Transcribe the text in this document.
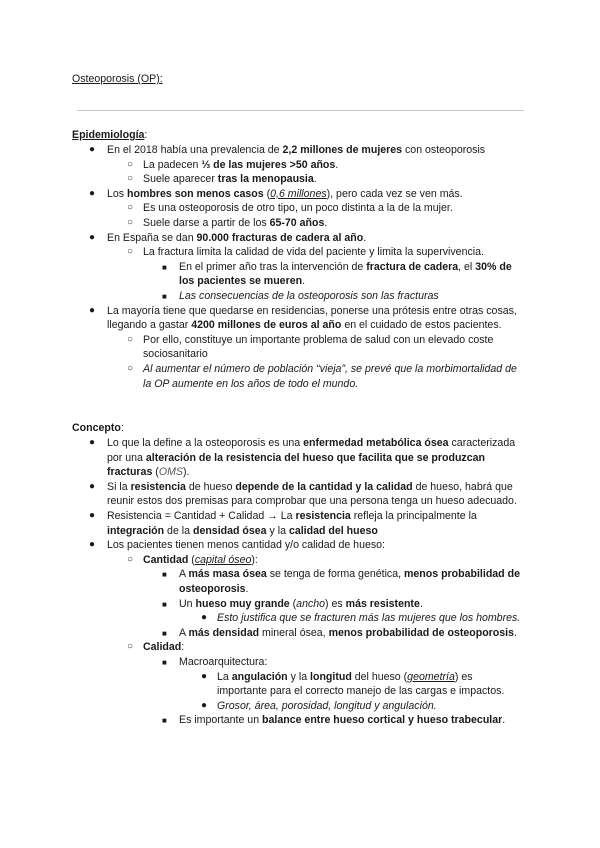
Osteoporosis (OP):
Epidemiología:
● En el 2018 había una prevalencia de 2,2 millones de mujeres con osteoporosis
○ La padecen ⅓ de las mujeres >50 años.
○ Suele aparecer tras la menopausia.
● Los hombres son menos casos (0,6 millones), pero cada vez se ven más.
○ Es una osteoporosis de otro tipo, un poco distinta a la de la mujer.
○ Suele darse a partir de los 65-70 años.
● En España se dan 90.000 fracturas de cadera al año.
○ La fractura limita la calidad de vida del paciente y limita la supervivencia.
■ En el primer año tras la intervención de fractura de cadera, el 30% de los pacientes se mueren.
■ Las consecuencias de la osteoporosis son las fracturas
● La mayoría tiene que quedarse en residencias, ponerse una prótesis entre otras cosas, llegando a gastar 4200 millones de euros al año en el cuidado de estos pacientes.
○ Por ello, constituye un importante problema de salud con un elevado coste sociosanitario
○ Al aumentar el número de población “vieja”, se prevé que la morbimortalidad de la OP aumente en los años de todo el mundo.
Concepto:
● Lo que la define a la osteoporosis es una enfermedad metabólica ósea caracterizada por una alteración de la resistencia del hueso que facilita que se produzcan fracturas (OMS).
● Si la resistencia de hueso depende de la cantidad y la calidad de hueso, habrá que reunir estos dos premisas para comprobar que una persona tenga un hueso adecuado.
● Resistencia = Cantidad + Calidad → La resistencia refleja la principalmente la integración de la densidad ósea y la calidad del hueso
● Los pacientes tienen menos cantidad y/o calidad de hueso:
○ Cantidad (capital óseo):
■ A más masa ósea se tenga de forma genética, menos probabilidad de osteoporosis.
■ Un hueso muy grande (ancho) es más resistente.
● Esto justifica que se fracturen más las mujeres que los hombres.
■ A más densidad mineral ósea, menos probabilidad de osteoporosis.
○ Calidad:
■ Macroarquitectura:
● La angulación y la longitud del hueso (geometría) es importante para el correcto manejo de las cargas e impactos.
● Grosor, área, porosidad, longitud y angulación.
■ Es importante un balance entre hueso cortical y hueso trabecular.
